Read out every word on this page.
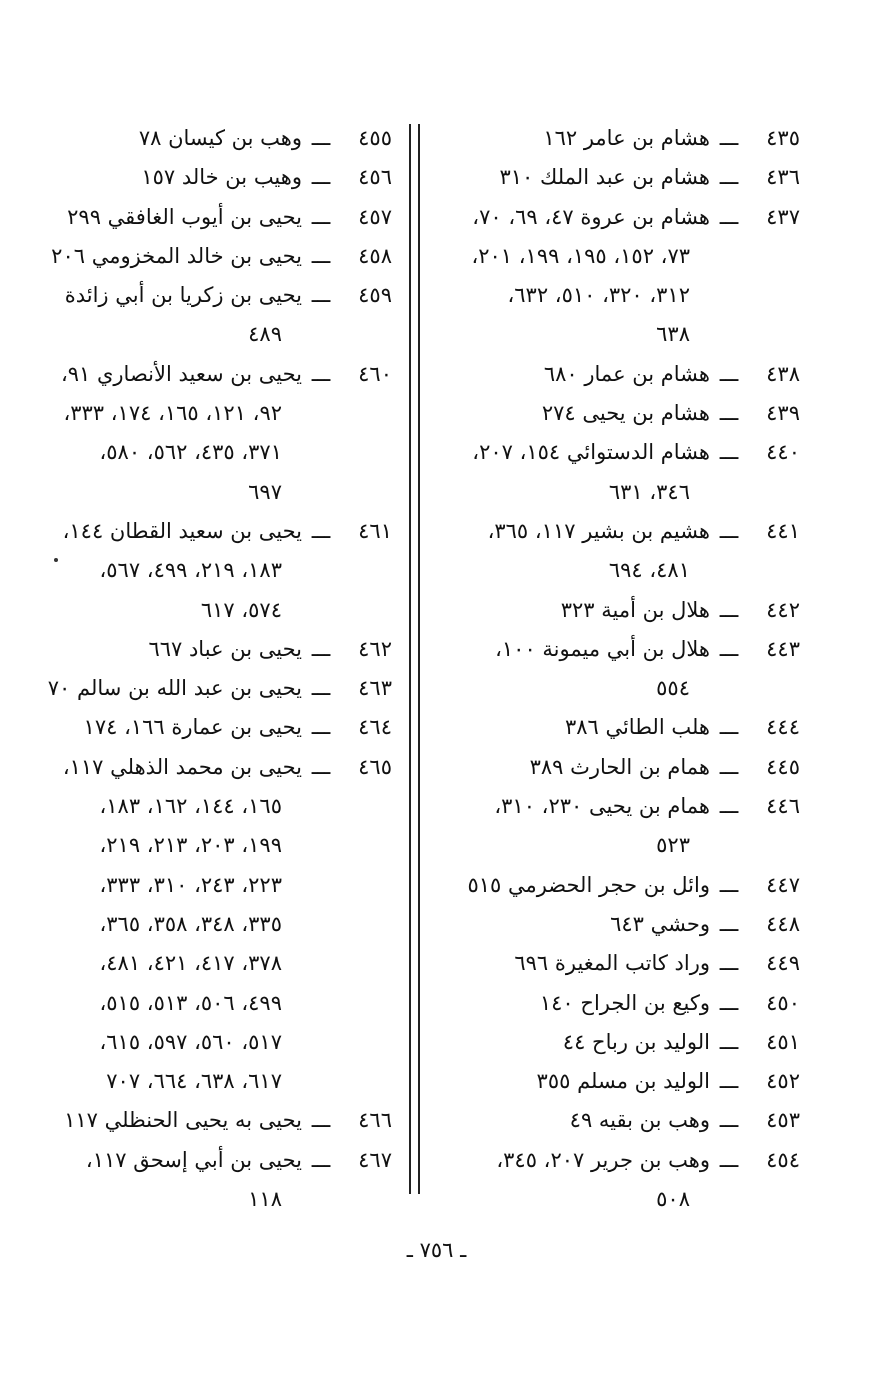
٤٣٥ـــهشام بن عامر ١٦٢
٤٣٦ـــهشام بن عبد الملك ٣١٠
٤٣٧ـــهشام بن عروة ٤٧، ٦٩، ٧٠،
٧٣، ١٥٢، ١٩٥، ١٩٩، ٢٠١،
٣١٢، ٣٢٠، ٥١٠، ٦٣٢،
٦٣٨
٤٣٨ـــهشام بن عمار ٦٨٠
٤٣٩ـــهشام بن يحيى ٢٧٤
٤٤٠ـــهشام الدستوائي ١٥٤، ٢٠٧،
٣٤٦، ٦٣١
٤٤١ـــهشيم بن بشير ١١٧، ٣٦٥،
٤٨١، ٦٩٤
٤٤٢ـــهلال بن أمية ٣٢٣
٤٤٣ـــهلال بن أبي ميمونة ١٠٠،
٥٥٤
٤٤٤ـــهلب الطائي ٣٨٦
٤٤٥ـــهمام بن الحارث ٣٨٩
٤٤٦ـــهمام بن يحيى ٢٣٠، ٣١٠،
٥٢٣
٤٤٧ـــوائل بن حجر الحضرمي ٥١٥
٤٤٨ـــوحشي ٦٤٣
٤٤٩ـــوراد كاتب المغيرة ٦٩٦
٤٥٠ـــوكيع بن الجراح ١٤٠
٤٥١ـــالوليد بن رباح ٤٤
٤٥٢ـــالوليد بن مسلم ٣٥٥
٤٥٣ـــوهب بن بقيه ٤٩
٤٥٤ـــوهب بن جرير ٢٠٧، ٣٤٥،
٥٠٨
٤٥٥ـــوهب بن كيسان ٧٨
٤٥٦ـــوهيب بن خالد ١٥٧
٤٥٧ـــيحيى بن أيوب الغافقي ٢٩٩
٤٥٨ـــيحيى بن خالد المخزومي ٢٠٦
٤٥٩ـــيحيى بن زكريا بن أبي زائدة
٤٨٩
٤٦٠ـــيحيى بن سعيد الأنصاري ٩١،
٩٢، ١٢١، ١٦٥، ١٧٤، ٣٣٣،
٣٧١، ٤٣٥، ٥٦٢، ٥٨٠،
٦٩٧
٤٦١ـــيحيى بن سعيد القطان ١٤٤،
١٨٣، ٢١٩، ٤٩٩، ٥٦٧،
٥٧٤، ٦١٧
٤٦٢ـــيحيى بن عباد ٦٦٧
٤٦٣ـــيحيى بن عبد الله بن سالم ٧٠
٤٦٤ـــيحيى بن عمارة ١٦٦، ١٧٤
٤٦٥ـــيحيى بن محمد الذهلي ١١٧،
١٦٥، ١٤٤، ١٦٢، ١٨٣،
١٩٩، ٢٠٣، ٢١٣، ٢١٩،
٢٢٣، ٢٤٣، ٣١٠، ٣٣٣،
٣٣٥، ٣٤٨، ٣٥٨، ٣٦٥،
٣٧٨، ٤١٧، ٤٢١، ٤٨١،
٤٩٩، ٥٠٦، ٥١٣، ٥١٥،
٥١٧، ٥٦٠، ٥٩٧، ٦١٥،
٦١٧، ٦٣٨، ٦٦٤، ٧٠٧
٤٦٦ـــيحيى به يحيى الحنظلي ١١٧
٤٦٧ـــيحيى بن أبي إسحق ١١٧،
١١٨
ـ ٧٥٦ ـ
